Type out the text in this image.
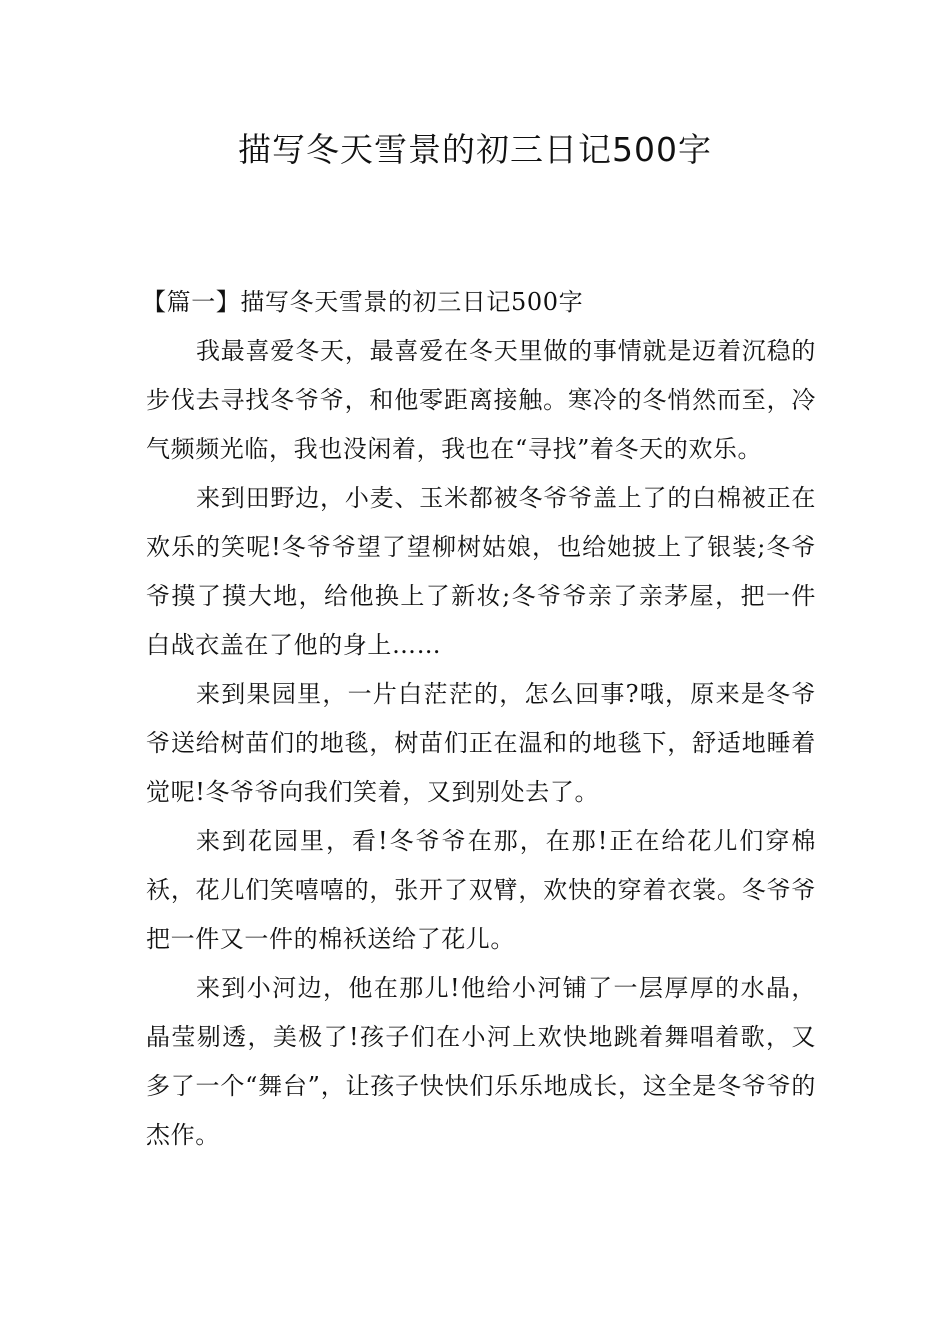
描写冬天雪景的初三日记500字
【篇一】描写冬天雪景的初三日记500字

我最喜爱冬天，最喜爱在冬天里做的事情就是迈着沉稳的步伐去寻找冬爷爷，和他零距离接触。寒冷的冬悄然而至，冷气频频光临，我也没闲着，我也在“寻找”着冬天的欢乐。

来到田野边，小麦、玉米都被冬爷爷盖上了的白棉被正在欢乐的笑呢!冬爷爷望了望柳树姑娘，也给她披上了银装;冬爷爷摸了摸大地，给他换上了新妆;冬爷爷亲了亲茅屋，把一件白战衣盖在了他的身上……

来到果园里，一片白茫茫的，怎么回事?哦，原来是冬爷爷送给树苗们的地毯，树苗们正在温和的地毯下，舒适地睡着觉呢!冬爷爷向我们笑着，又到别处去了。

来到花园里，看!冬爷爷在那，在那!正在给花儿们穿棉袄，花儿们笑嘻嘻的，张开了双臂，欢快的穿着衣裳。冬爷爷把一件又一件的棉袄送给了花儿。

来到小河边，他在那儿!他给小河铺了一层厚厚的水晶，晶莹剔透，美极了!孩子们在小河上欢快地跳着舞唱着歌，又多了一个“舞台”，让孩子快快们乐乐地成长，这全是冬爷爷的杰作。
